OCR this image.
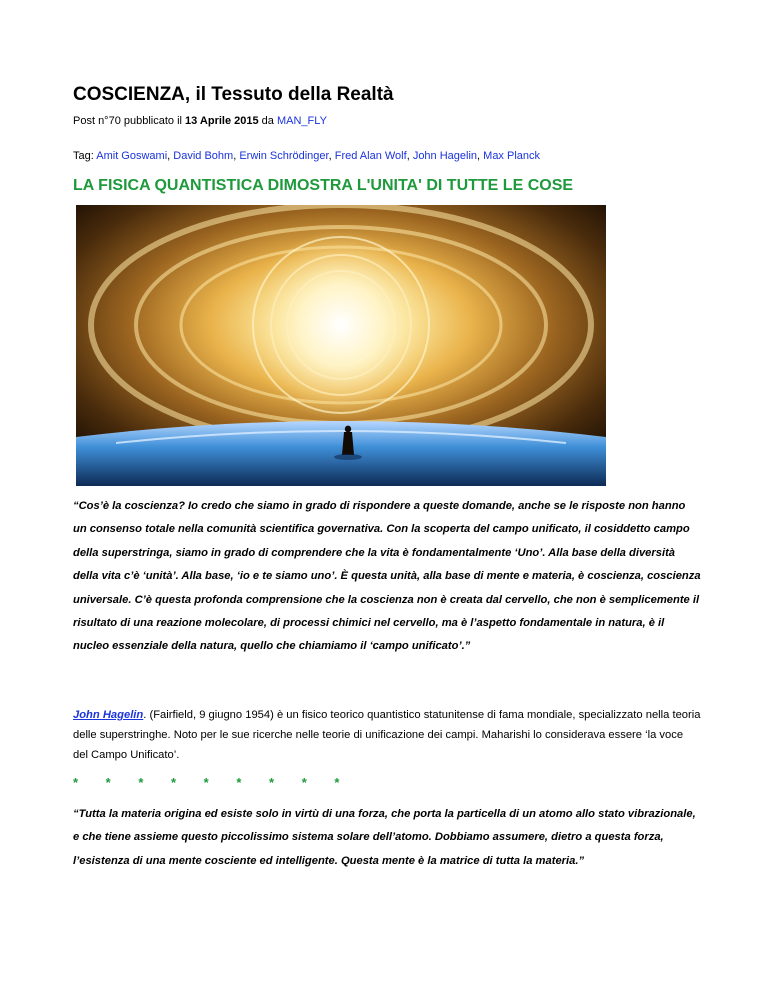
COSCIENZA, il Tessuto della Realtà
Post n°70 pubblicato il 13 Aprile 2015 da MAN_FLY
Tag: Amit Goswami, David Bohm, Erwin Schrödinger, Fred Alan Wolf, John Hagelin, Max Planck
LA FISICA QUANTISTICA DIMOSTRA L'UNITA' DI TUTTE LE COSE

“Cos’è la coscienza? Io credo che siamo in grado di rispondere a queste domande, anche se le risposte non hanno un consenso totale nella comunità scientifica governativa. Con la scoperta del campo unificato, il cosiddetto campo della superstringa, siamo in grado di comprendere che la vita è fondamentalmente ‘Uno’. Alla base della diversità della vita c’è ‘unità’. Alla base, ‘io e te siamo uno’. È questa unità, alla base di mente e materia, è coscienza, coscienza universale. C’è questa profonda comprensione che la coscienza non è creata dal cervello, che non è semplicemente il risultato di una reazione molecolare, di processi chimici nel cervello, ma è l’aspetto fondamentale in natura, è il nucleo essenziale della natura, quello che chiamiamo il ‘campo unificato’.”

John Hagelin. (Fairfield, 9 giugno 1954) è un fisico teorico quantistico statunitense di fama mondiale, specializzato nella teoria delle superstringhe. Noto per le sue ricerche nelle teorie di unificazione dei campi. Maharishi lo considerava essere ‘la voce del Campo Unificato’.

* * * * * * * * *

“Tutta la materia origina ed esiste solo in virtù di una forza, che porta la particella di un atomo allo stato vibrazionale, e che tiene assieme questo piccolissimo sistema solare dell’atomo. Dobbiamo assumere, dietro a questa forza, l’esistenza di una mente cosciente ed intelligente. Questa mente è la matrice di tutta la materia.”
